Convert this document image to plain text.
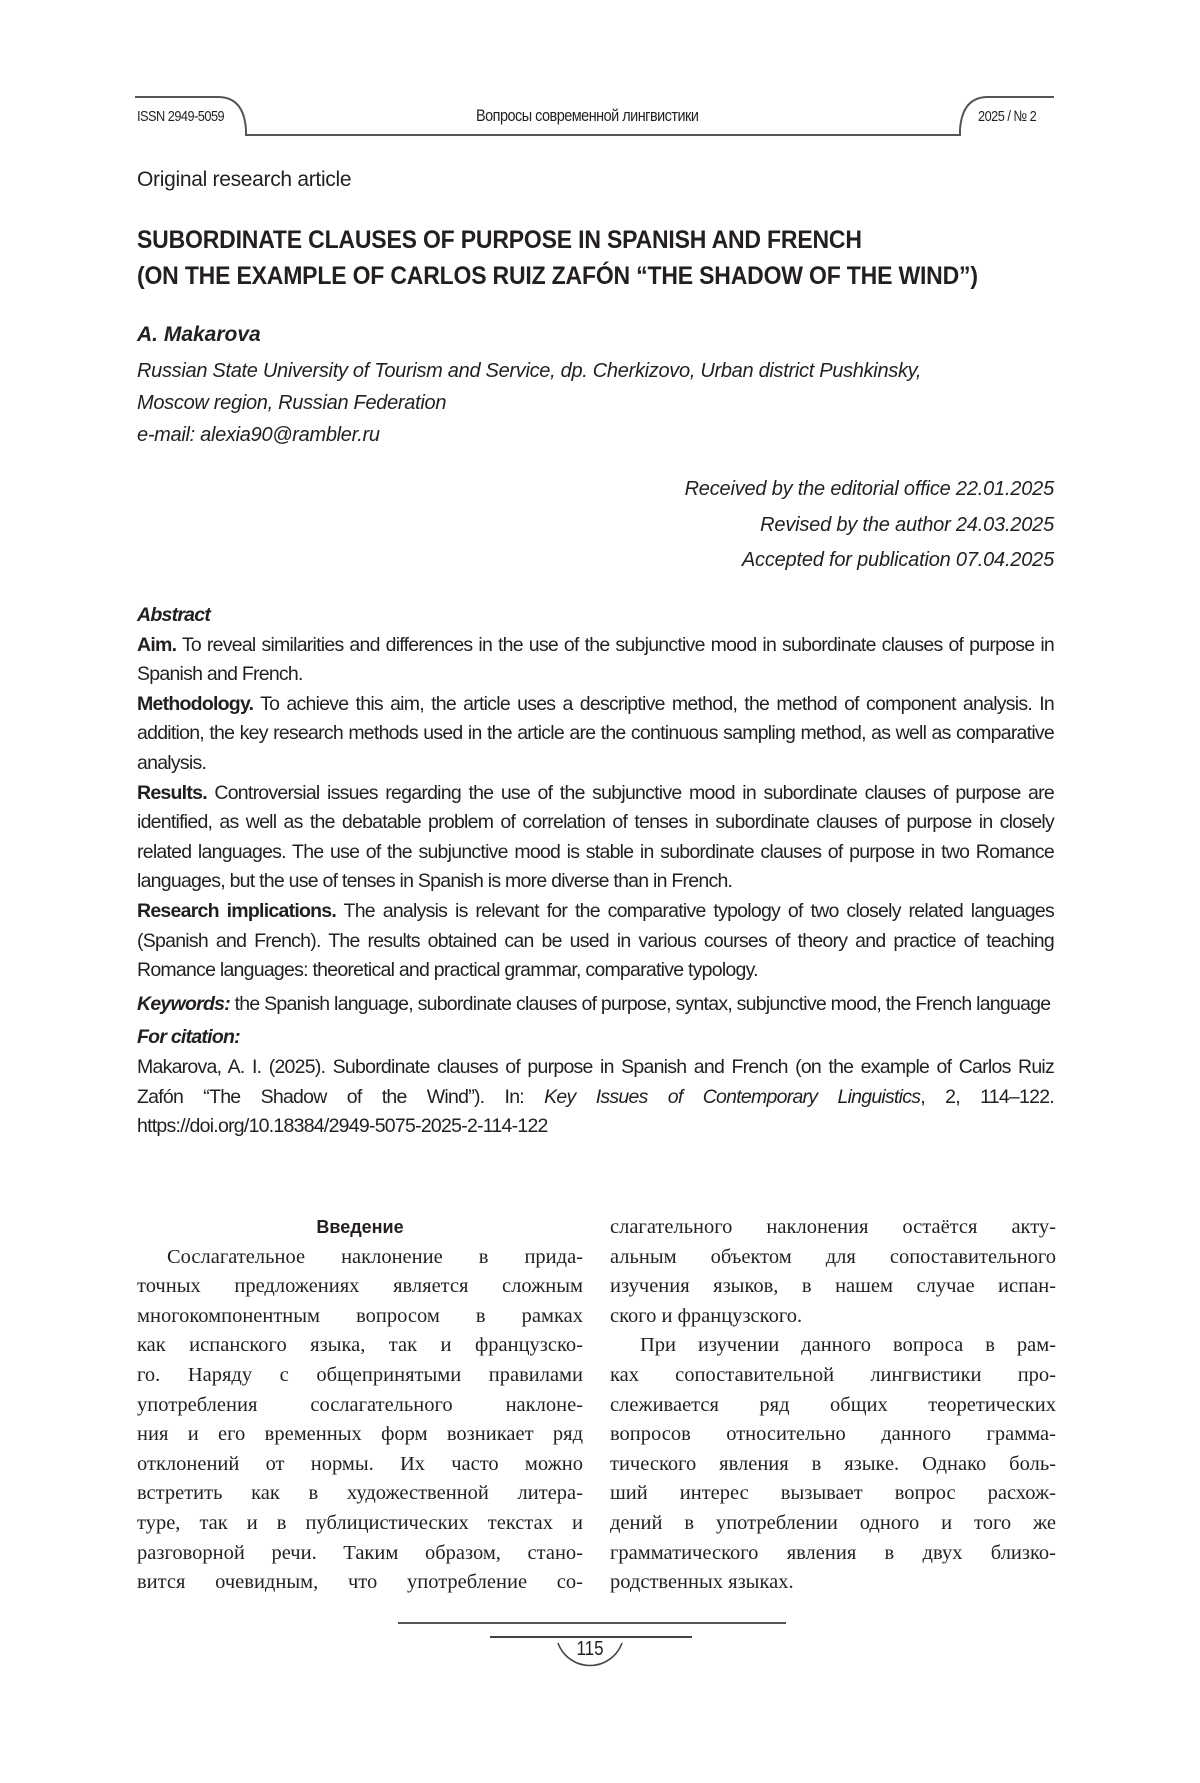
ISSN 2949-5059	Вопросы современной лингвистики	2025 / № 2
Original research article
SUBORDINATE CLAUSES OF PURPOSE IN SPANISH AND FRENCH
(ON THE EXAMPLE OF CARLOS RUIZ ZAFÓN “THE SHADOW OF THE WIND”)
A. Makarova
Russian State University of Tourism and Service, dp. Cherkizovo, Urban district Pushkinsky,
Moscow region, Russian Federation
e-mail: alexia90@rambler.ru
Received by the editorial office 22.01.2025
Revised by the author 24.03.2025
Accepted for publication 07.04.2025

Abstract

Aim. To reveal similarities and differences in the use of the subjunctive mood in subordinate clauses of purpose in Spanish and French.

Methodology. To achieve this aim, the article uses a descriptive method, the method of component analysis. In addition, the key research methods used in the article are the continuous sampling method, as well as comparative analysis.

Results. Controversial issues regarding the use of the subjunctive mood in subordinate clauses of pur­pose are identified, as well as the debatable problem of correlation of tenses in subordinate clauses of purpose in closely related languages. The use of the subjunctive mood is stable in subordinate clauses of purpose in two Romance languages, but the use of tenses in Spanish is more diverse than in French.

Research implications. The analysis is relevant for the comparative typology of two closely related languages (Spanish and French). The results obtained can be used in various courses of theory and practice of teaching Romance languages: theoretical and practical grammar, comparative typology.

Keywords: the Spanish language, subordinate clauses of purpose, syntax, subjunctive mood, the French language

For citation:

Makarova, A. I. (2025). Subordinate clauses of purpose in Spanish and French (on the example of Carlos Ruiz Zafón “The Shadow of the Wind”). In: Key Issues of Contemporary Linguistics, 2, 114–122. https://doi.org/10.18384/2949-5075-2025-2-114-122

Введение
Сослагательное наклонение в прида-
точных предложениях является сложным
многокомпонентным вопросом в рамках
как испанского языка, так и французско-
го. Наряду с общепринятыми правилами
употребления сослагательного наклоне-
ния и его временных форм возникает ряд
отклонений от нормы. Их часто можно
встретить как в художественной литера-
туре, так и в публицистических текстах и
разговорной речи. Таким образом, стано-
вится очевидным, что употребление со-
слагательного наклонения остаётся акту-
альным объектом для сопоставительного
изучения языков, в нашем случае испан-
ского и французского.
При изучении данного вопроса в рам-
ках сопоставительной лингвистики про-
слеживается ряд общих теоретических
вопросов относительно данного грамма-
тического явления в языке. Однако боль-
ший интерес вызывает вопрос расхож-
дений в употреблении одного и того же
грамматического явления в двух близко-
родственных языках.
115
